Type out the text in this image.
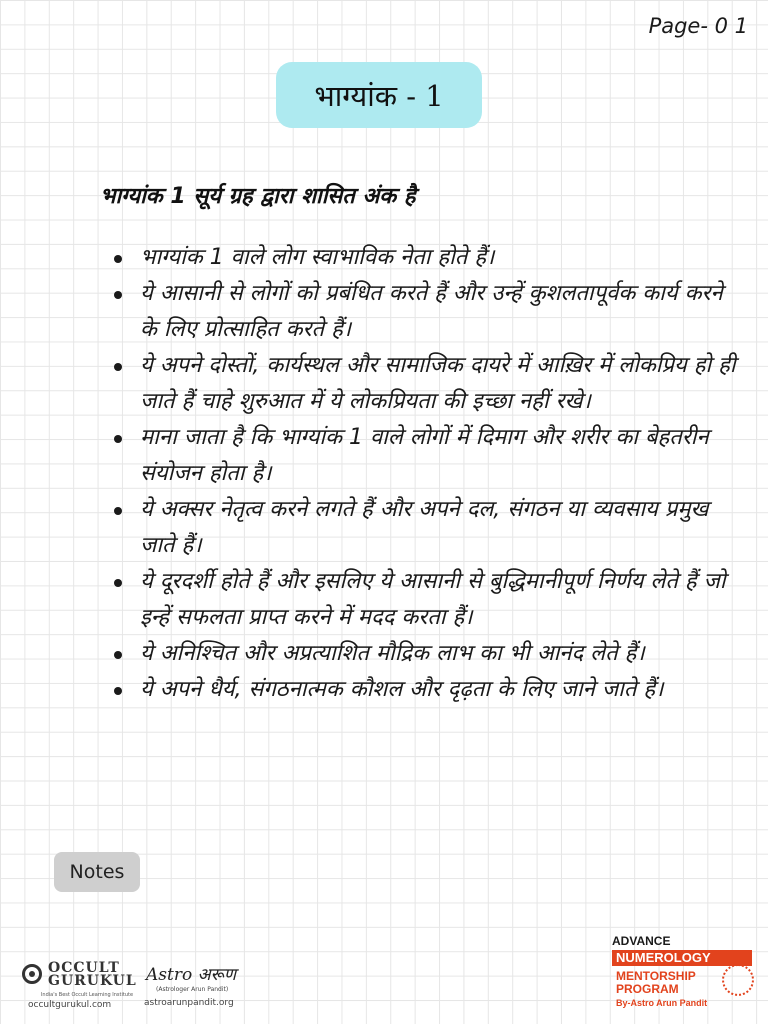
Page- 0 1
भाग्यांक - 1
भाग्यांक 1 सूर्य ग्रह द्वारा शासित अंक है
भाग्यांक 1 वाले लोग स्वाभाविक नेता होते हैं।
ये आसानी से लोगों को प्रबंधित करते हैं और उन्हें कुशलतापूर्वक कार्य करने के लिए प्रोत्साहित करते हैं।
ये अपने दोस्तों, कार्यस्थल और सामाजिक दायरे में आख़िर में लोकप्रिय हो ही जाते हैं चाहे शुरुआत में ये लोकप्रियता की इच्छा नहीं रखे।
माना जाता है कि भाग्यांक 1 वाले लोगों में दिमाग और शरीर का बेहतरीन संयोजन होता है।
ये अक्सर नेतृत्व करने लगते हैं और अपने दल, संगठन या व्यवसाय प्रमुख जाते हैं।
ये दूरदर्शी होते हैं और इसलिए ये आसानी से बुद्धिमानीपूर्ण निर्णय लेते हैं जो इन्हें सफलता प्राप्त करने में मदद करता हैं।
ये अनिश्चित और अप्रत्याशित मौद्रिक लाभ का भी आनंद लेते हैं।
ये अपने धैर्य, संगठनात्मक कौशल और दृढ़ता के लिए जाने जाते हैं।
Notes
OCCULT GURUKUL
India's Best Occult Learning Institute
occultgurukul.com
Astro अरूण
(Astrologer Arun Pandit)
astroarunpandit.org
ADVANCE
NUMEROLOGY
MENTORSHIP
PROGRAM
By-Astro Arun Pandit
